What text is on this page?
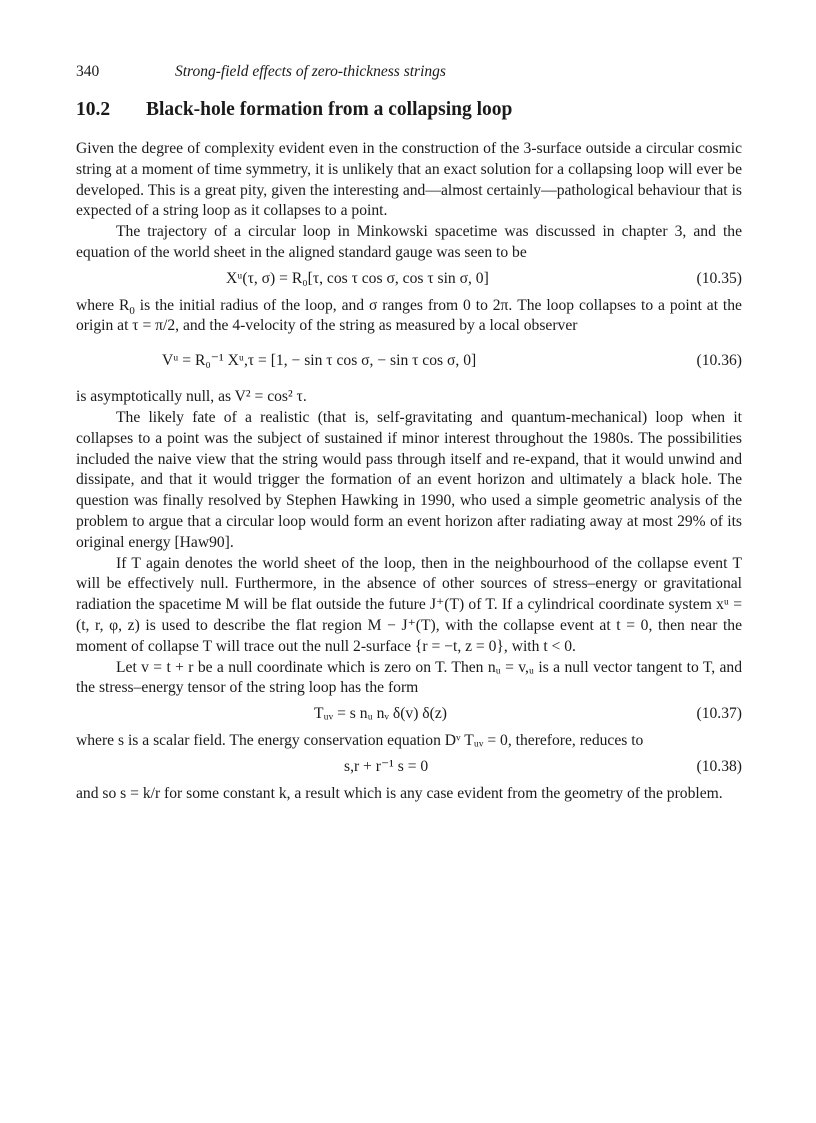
340	Strong-field effects of zero-thickness strings
10.2 Black-hole formation from a collapsing loop

Given the degree of complexity evident even in the construction of the 3-surface outside a circular cosmic string at a moment of time symmetry, it is unlikely that an exact solution for a collapsing loop will ever be developed. This is a great pity, given the interesting and—almost certainly—pathological behaviour that is expected of a string loop as it collapses to a point.

The trajectory of a circular loop in Minkowski spacetime was discussed in chapter 3, and the equation of the world sheet in the aligned standard gauge was seen to be

Xᵘ(τ, σ) = R₀[τ, cos τ cos σ, cos τ sin σ, 0]	(10.35)

where $R_0$ is the initial radius of the loop, and σ ranges from 0 to 2π. The loop collapses to a point at the origin at τ = π/2, and the 4-velocity of the string as measured by a local observer

Vᵘ = R₀⁻¹ Xᵘ,τ = [1, − sin τ cos σ, − sin τ cos σ, 0]	(10.36)

is asymptotically null, as V² = cos² τ.

The likely fate of a realistic (that is, self-gravitating and quantum-mechanical) loop when it collapses to a point was the subject of sustained if minor interest throughout the 1980s. The possibilities included the naive view that the string would pass through itself and re-expand, that it would unwind and dissipate, and that it would trigger the formation of an event horizon and ultimately a black hole. The question was finally resolved by Stephen Hawking in 1990, who used a simple geometric analysis of the problem to argue that a circular loop would form an event horizon after radiating away at most 29% of its original energy [Haw90].

If T again denotes the world sheet of the loop, then in the neighbourhood of the collapse event T will be effectively null. Furthermore, in the absence of other sources of stress–energy or gravitational radiation the spacetime M will be flat outside the future J⁺(T) of T. If a cylindrical coordinate system xᵘ = (t, r, φ, z) is used to describe the flat region M − J⁺(T), with the collapse event at t = 0, then near the moment of collapse T will trace out the null 2-surface {r = −t, z = 0}, with t < 0.

Let v = t + r be a null coordinate which is zero on T. Then nᵤ = v,ᵤ is a null vector tangent to T, and the stress–energy tensor of the string loop has the form

Tᵤᵥ = s nᵤ nᵥ δ(v) δ(z)	(10.37)

where s is a scalar field. The energy conservation equation Dᵛ Tᵤᵥ = 0, therefore, reduces to

s,r + r⁻¹ s = 0	(10.38)

and so s = k/r for some constant k, a result which is any case evident from the geometry of the problem.
